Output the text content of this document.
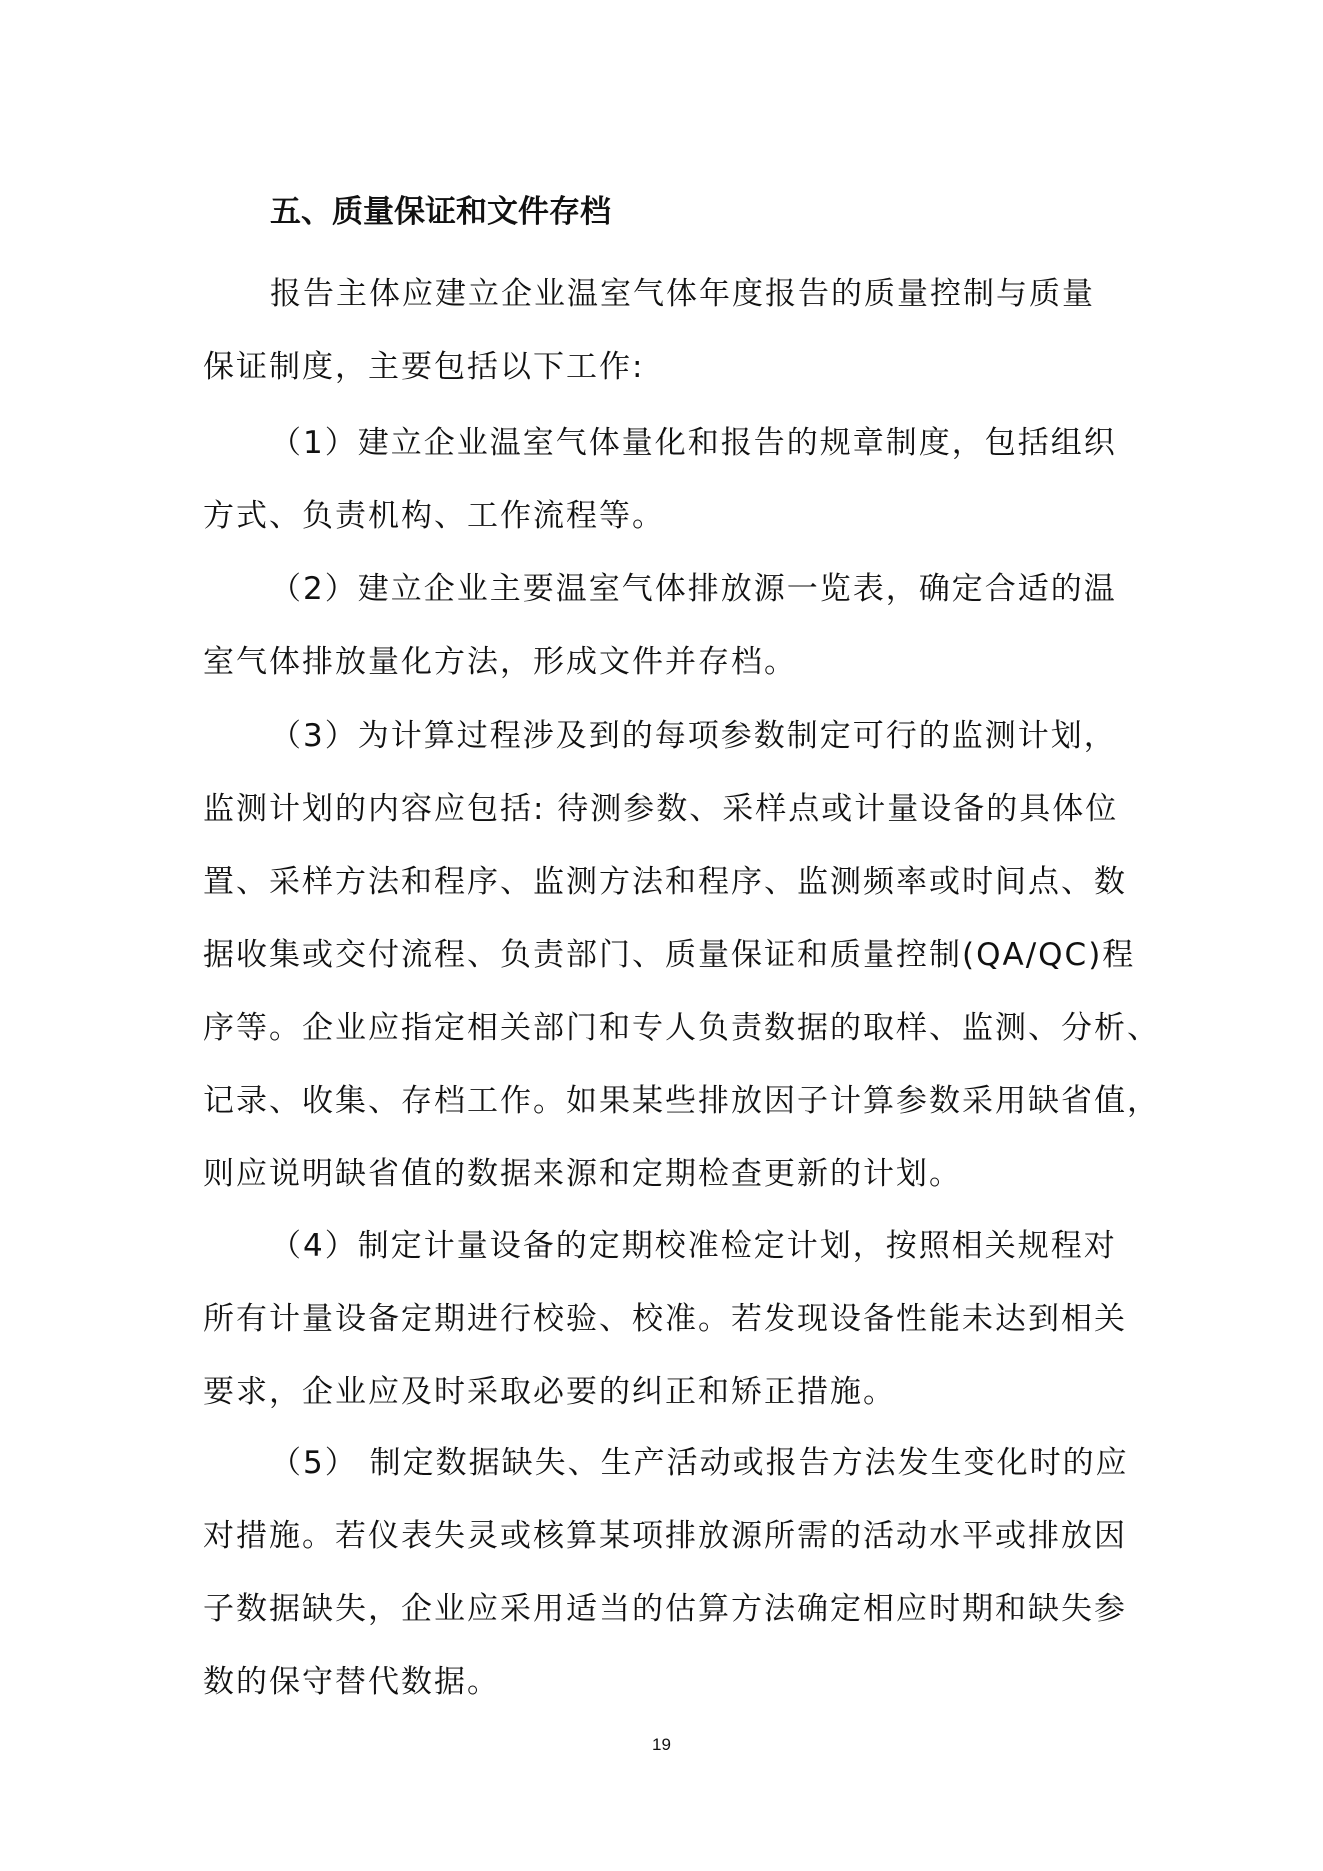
五、质量保证和文件存档

报告主体应建立企业温室气体年度报告的质量控制与质量
保证制度，主要包括以下工作:

（1）建立企业温室气体量化和报告的规章制度，包括组织
方式、负责机构、工作流程等。

（2）建立企业主要温室气体排放源一览表，确定合适的温
室气体排放量化方法，形成文件并存档。

（3）为计算过程涉及到的每项参数制定可行的监测计划，
监测计划的内容应包括: 待测参数、采样点或计量设备的具体位
置、采样方法和程序、监测方法和程序、监测频率或时间点、数
据收集或交付流程、负责部门、质量保证和质量控制(QA/QC)程
序等。企业应指定相关部门和专人负责数据的取样、监测、分析、
记录、收集、存档工作。如果某些排放因子计算参数采用缺省值，
则应说明缺省值的数据来源和定期检查更新的计划。

（4）制定计量设备的定期校准检定计划，按照相关规程对
所有计量设备定期进行校验、校准。若发现设备性能未达到相关
要求，企业应及时采取必要的纠正和矫正措施。

（5） 制定数据缺失、生产活动或报告方法发生变化时的应
对措施。若仪表失灵或核算某项排放源所需的活动水平或排放因
子数据缺失，企业应采用适当的估算方法确定相应时期和缺失参
数的保守替代数据。

19
